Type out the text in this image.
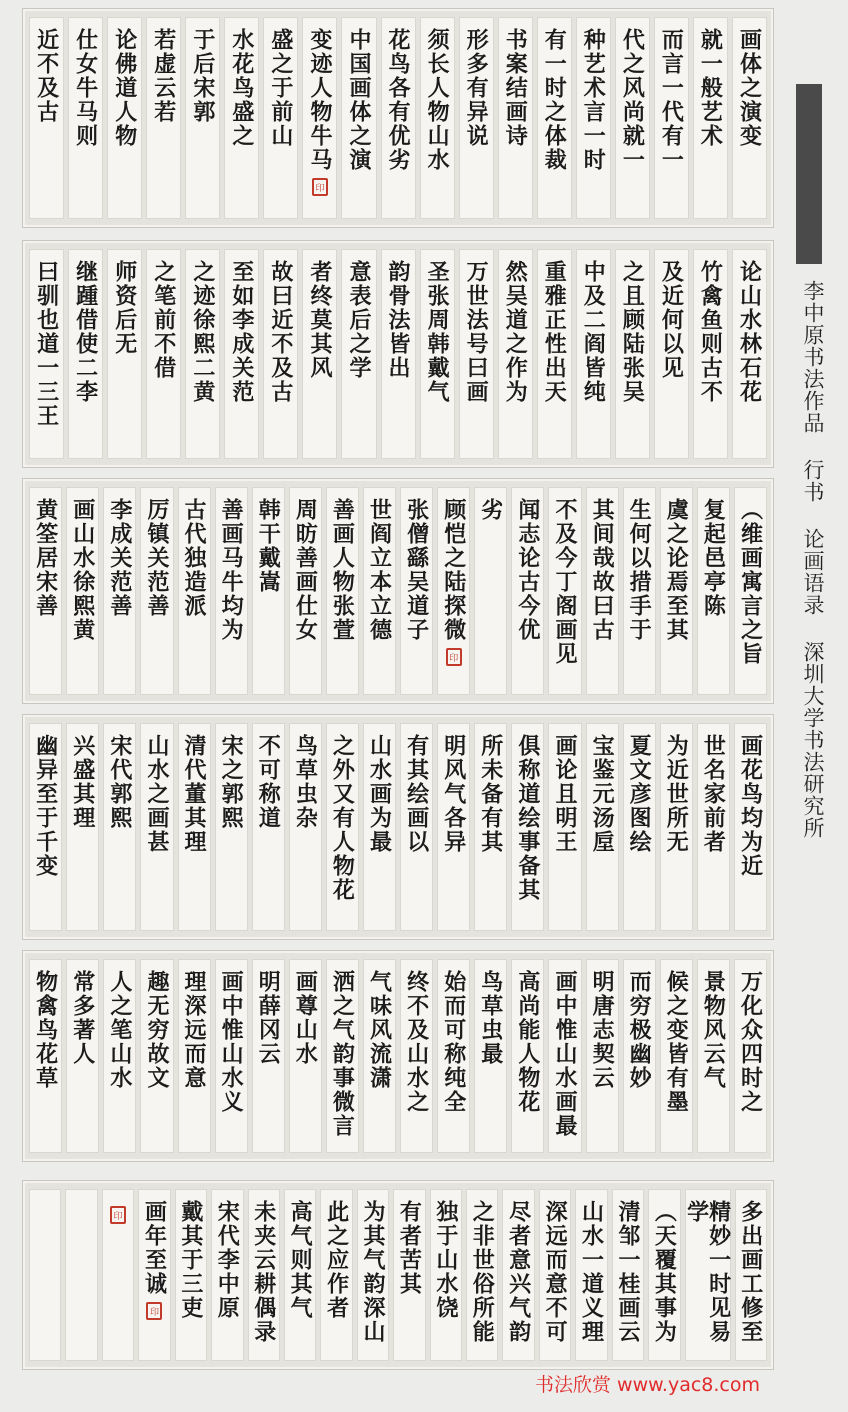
李中原书法作品 行书 论画语录 深圳大学书法研究所
画体之演变
就一般艺术
而言一代有一
代之风尚就一
种艺术言一时
有一时之体裁
书案结画诗
形多有异说
须长人物山水
花鸟各有优劣
中国画体之演
变迹人物牛马
印
盛之于前山
水花鸟盛之
于后宋郭
若虚云若
论佛道人物
仕女牛马则
近不及古
论山水林石花
竹禽鱼则古不
及近何以见
之且顾陆张吴
中及二阎皆纯
重雅正性出天
然吴道之作为
万世法号曰画
圣张周韩戴气
韵骨法皆出
意表后之学
者终莫其风
故曰近不及古
至如李成关范
之迹徐熙二黄
之笔前不借
师资后无
继踵借使二李
曰驯也道一三王
（维画寓言之旨
复起邑亭陈
虞之论焉至其
生何以措手于
其间哉故曰古
不及今丁阁画见
闻志论古今优
劣
顾恺之陆探微
印
张僧繇吴道子
世阎立本立德
善画人物张萱
周昉善画仕女
韩干戴嵩
善画马牛均为
古代独造派
厉镇关范善
李成关范善
画山水徐熙黄
黄筌居宋善
画花鸟均为近
世名家前者
为近世所无
夏文彦图绘
宝鉴元汤垕
画论且明王
俱称道绘事备其
所未备有其
明风气各异
有其绘画以
山水画为最
之外又有人物花
鸟草虫杂
不可称道
宋之郭熙
清代董其理
山水之画甚
宋代郭熙
兴盛其理
幽异至于千变
万化众四时之
景物风云气
候之变皆有墨
而穷极幽妙
明唐志契云
画中惟山水画最
高尚能人物花
鸟草虫最
始而可称纯全
终不及山水之
气味风流潇
洒之气韵事微言
画尊山水
明薛冈云
画中惟山水义
理深远而意
趣无穷故文
人之笔山水
常多著人
物禽鸟花草
多出画工修至
精妙一时见易学
（天覆其事为
清邹一桂画云
山水一道义理
深远而意不可
尽者意兴气韵
之非世俗所能
独于山水饶
有者苦其
为其气韵深山
此之应作者
高气则其气
未夹云耕偶录
宋代李中原
戴其于三吏
画年至诚
印
印
书法欣赏 www.yac8.com
